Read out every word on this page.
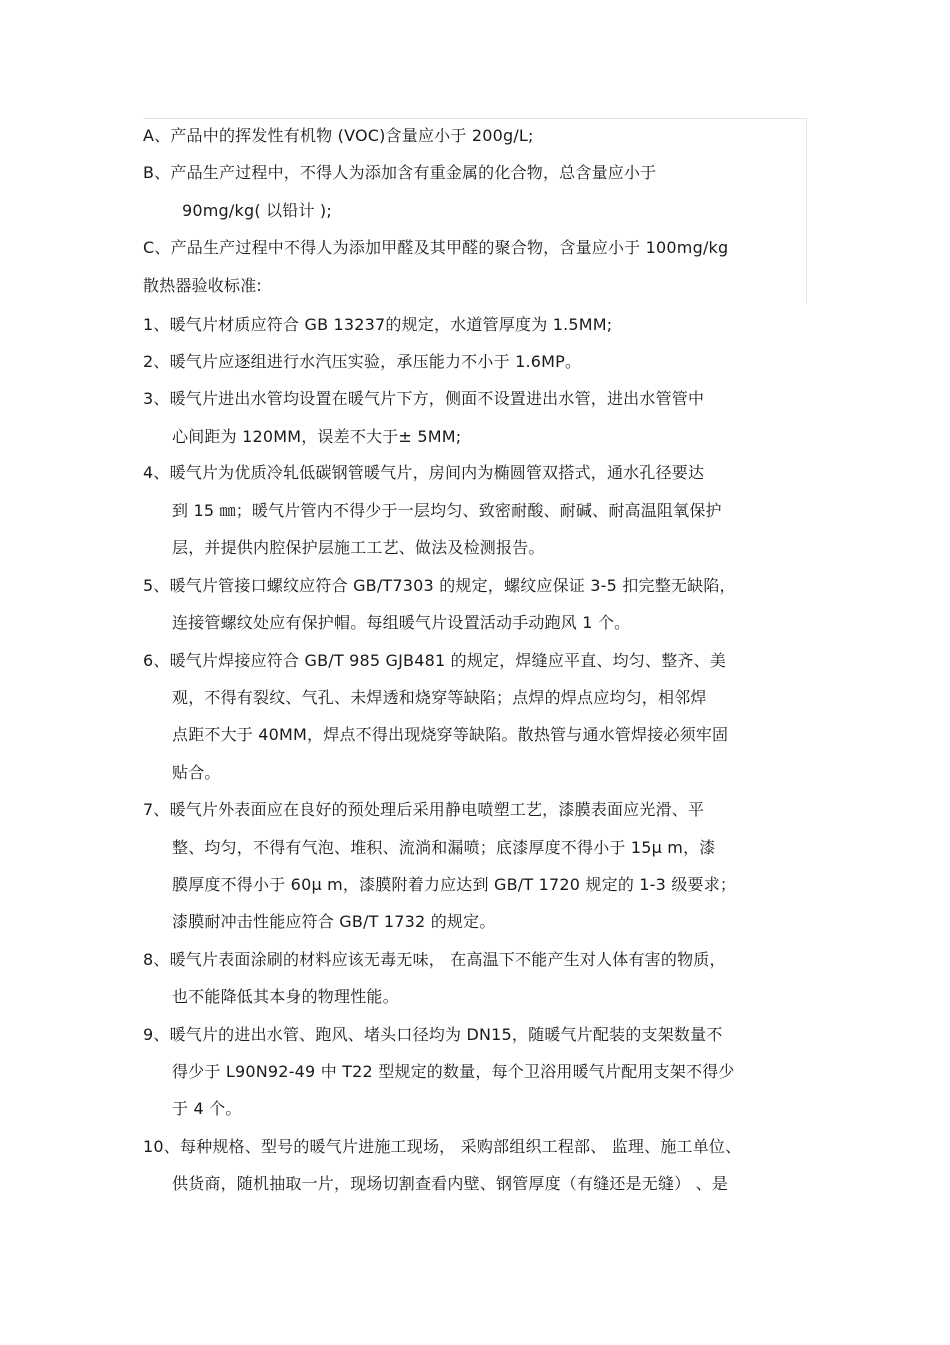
A、产品中的挥发性有机物 (VOC)含量应小于 200g/L;
B、产品生产过程中，不得人为添加含有重金属的化合物，总含量应小于
90mg/kg( 以铅计 );
C、产品生产过程中不得人为添加甲醛及其甲醛的聚合物，含量应小于 100mg/kg
散热器验收标准:
1、暖气片材质应符合 GB 13237的规定，水道管厚度为 1.5MM;
2、暖气片应逐组进行水汽压实验，承压能力不小于 1.6MP。
3、暖气片进出水管均设置在暖气片下方，侧面不设置进出水管，进出水管管中
心间距为 120MM，误差不大于± 5MM;
4、暖气片为优质冷轧低碳钢管暖气片，房间内为椭圆管双搭式，通水孔径要达
到 15 ㎜；暖气片管内不得少于一层均匀、致密耐酸、耐碱、耐高温阻氧保护
层，并提供内腔保护层施工工艺、做法及检测报告。
5、暖气片管接口螺纹应符合 GB/T7303 的规定，螺纹应保证 3-5 扣完整无缺陷，
连接管螺纹处应有保护帽。每组暖气片设置活动手动跑风 1 个。
6、暖气片焊接应符合 GB/T 985 GJB481 的规定，焊缝应平直、均匀、整齐、美
观，不得有裂纹、气孔、未焊透和烧穿等缺陷；点焊的焊点应均匀，相邻焊
点距不大于 40MM，焊点不得出现烧穿等缺陷。散热管与通水管焊接必须牢固
贴合。
7、暖气片外表面应在良好的预处理后采用静电喷塑工艺，漆膜表面应光滑、平
整、均匀，不得有气泡、堆积、流淌和漏喷；底漆厚度不得小于 15μ m，漆
膜厚度不得小于 60μ m，漆膜附着力应达到 GB/T 1720 规定的 1-3 级要求；
漆膜耐冲击性能应符合 GB/T 1732 的规定。
8、暖气片表面涂刷的材料应该无毒无味， 在高温下不能产生对人体有害的物质，
也不能降低其本身的物理性能。
9、暖气片的进出水管、跑风、堵头口径均为 DN15，随暖气片配装的支架数量不
得少于 L90N92-49 中 T22 型规定的数量，每个卫浴用暖气片配用支架不得少
于 4 个。
10、每种规格、型号的暖气片进施工现场， 采购部组织工程部、 监理、施工单位、
供货商，随机抽取一片，现场切割查看内壁、钢管厚度（有缝还是无缝） 、是
